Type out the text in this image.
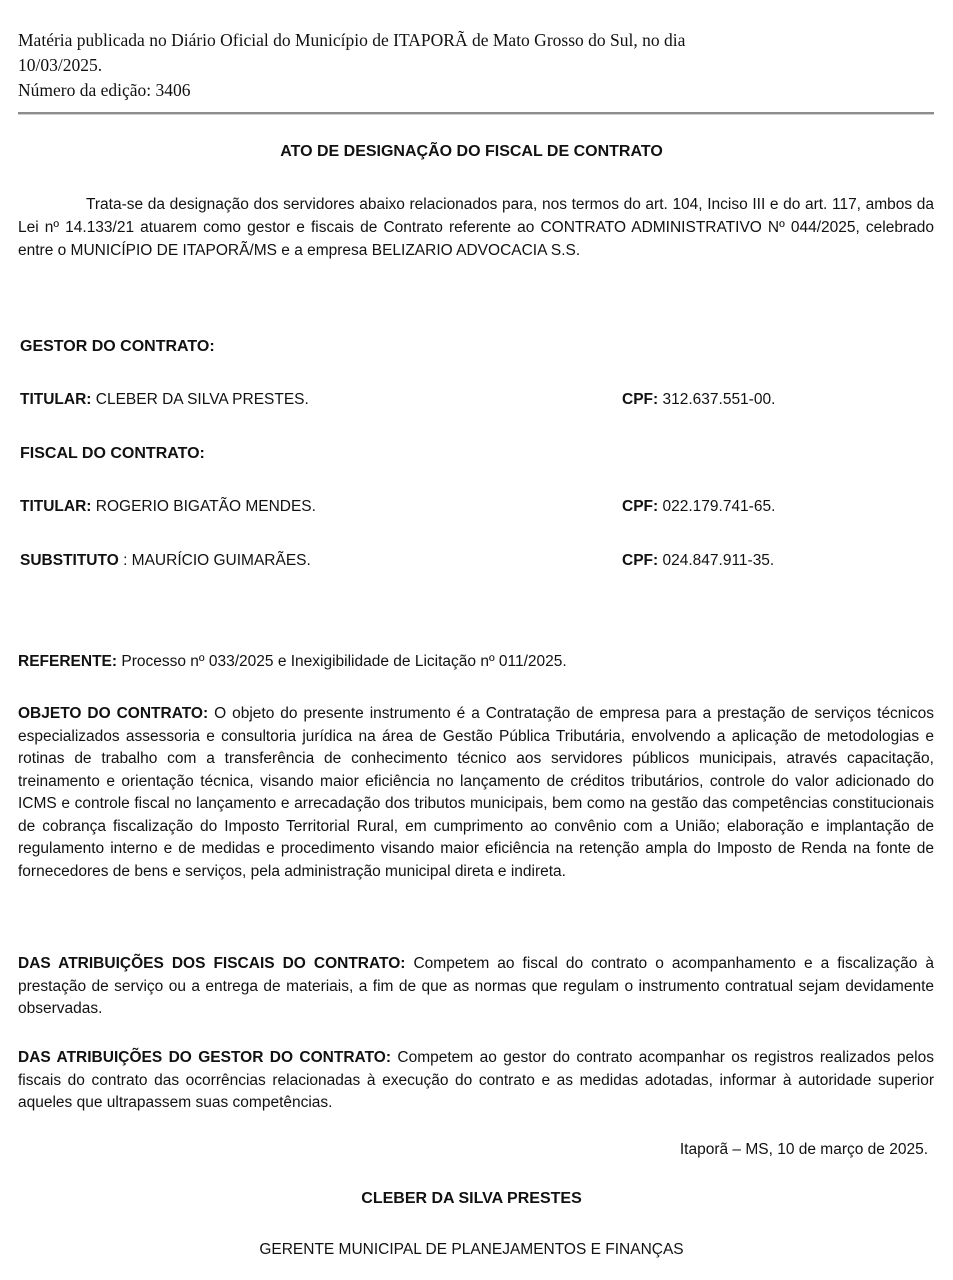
Matéria publicada no Diário Oficial do Município de ITAPORÃ de Mato Grosso do Sul, no dia

10/03/2025.

Número da edição: 3406

ATO DE DESIGNAÇÃO DO FISCAL DE CONTRATO

Trata-se da designação dos servidores abaixo relacionados para, nos termos do art. 104, Inciso III e do art. 117, ambos da Lei nº 14.133/21 atuarem como gestor e fiscais de Contrato referente ao CONTRATO ADMINISTRATIVO Nº 044/2025, celebrado entre o MUNICÍPIO DE ITAPORÃ/MS e a empresa BELIZARIO ADVOCACIA S.S.

GESTOR DO CONTRATO:
TITULAR: CLEBER DA SILVA PRESTES.	CPF: 312.637.551-00.
FISCAL DO CONTRATO:
TITULAR: ROGERIO BIGATÃO MENDES.	CPF: 022.179.741-65.
SUBSTITUTO : MAURÍCIO GUIMARÃES.	CPF: 024.847.911-35.

REFERENTE: Processo nº 033/2025 e Inexigibilidade de Licitação nº 011/2025.

OBJETO DO CONTRATO: O objeto do presente instrumento é a Contratação de empresa para a prestação de serviços técnicos especializados assessoria e consultoria jurídica na área de Gestão Pública Tributária, envolvendo a aplicação de metodologias e rotinas de trabalho com a transferência de conhecimento técnico aos servidores públicos municipais, através capacitação, treinamento e orientação técnica, visando maior eficiência no lançamento de créditos tributários, controle do valor adicionado do ICMS e controle fiscal no lançamento e arrecadação dos tributos municipais, bem como na gestão das competências constitucionais de cobrança fiscalização do Imposto Territorial Rural, em cumprimento ao convênio com a União; elaboração e implantação de regulamento interno e de medidas e procedimento visando maior eficiência na retenção ampla do Imposto de Renda na fonte de fornecedores de bens e serviços, pela administração municipal direta e indireta.

DAS ATRIBUIÇÕES DOS FISCAIS DO CONTRATO: Competem ao fiscal do contrato o acompanhamento e a fiscalização à prestação de serviço ou a entrega de materiais, a fim de que as normas que regulam o instrumento contratual sejam devidamente observadas.

DAS ATRIBUIÇÕES DO GESTOR DO CONTRATO: Competem ao gestor do contrato acompanhar os registros realizados pelos fiscais do contrato das ocorrências relacionadas à execução do contrato e as medidas adotadas, informar à autoridade superior aqueles que ultrapassem suas competências.

Itaporã – MS, 10 de março de 2025.
CLEBER DA SILVA PRESTES
GERENTE MUNICIPAL DE PLANEJAMENTOS E FINANÇAS
